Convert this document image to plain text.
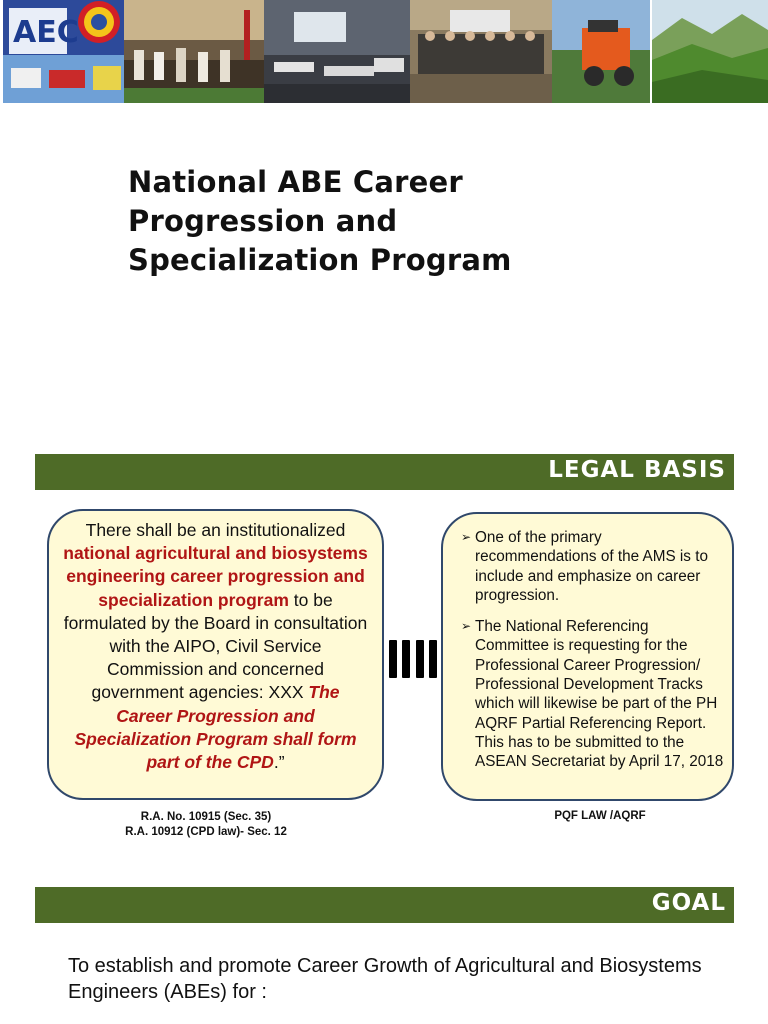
AEC
National ABE Career
Progression and
Specialization Program
LEGAL BASIS
There shall be an institutionalized national agricultural and biosystems engineering career progression and specialization program to be formulated by the Board in consultation with the AIPO, Civil Service Commission and concerned government agencies: XXX The Career Progression and Specialization Program shall form part of the CPD.”
➢ One of the primary recommendations of the AMS is to include and emphasize on career progression.
➢ The National Referencing Committee is requesting for the Professional Career Progression/ Professional Development Tracks which will likewise be part of the PH AQRF Partial Referencing Report. This has to be submitted to the ASEAN Secretariat by April 17, 2018
R.A. No. 10915 (Sec. 35)
R.A. 10912 (CPD law)- Sec. 12
PQF LAW /AQRF
GOAL
To establish and promote Career Growth of Agricultural and Biosystems Engineers (ABEs) for :
